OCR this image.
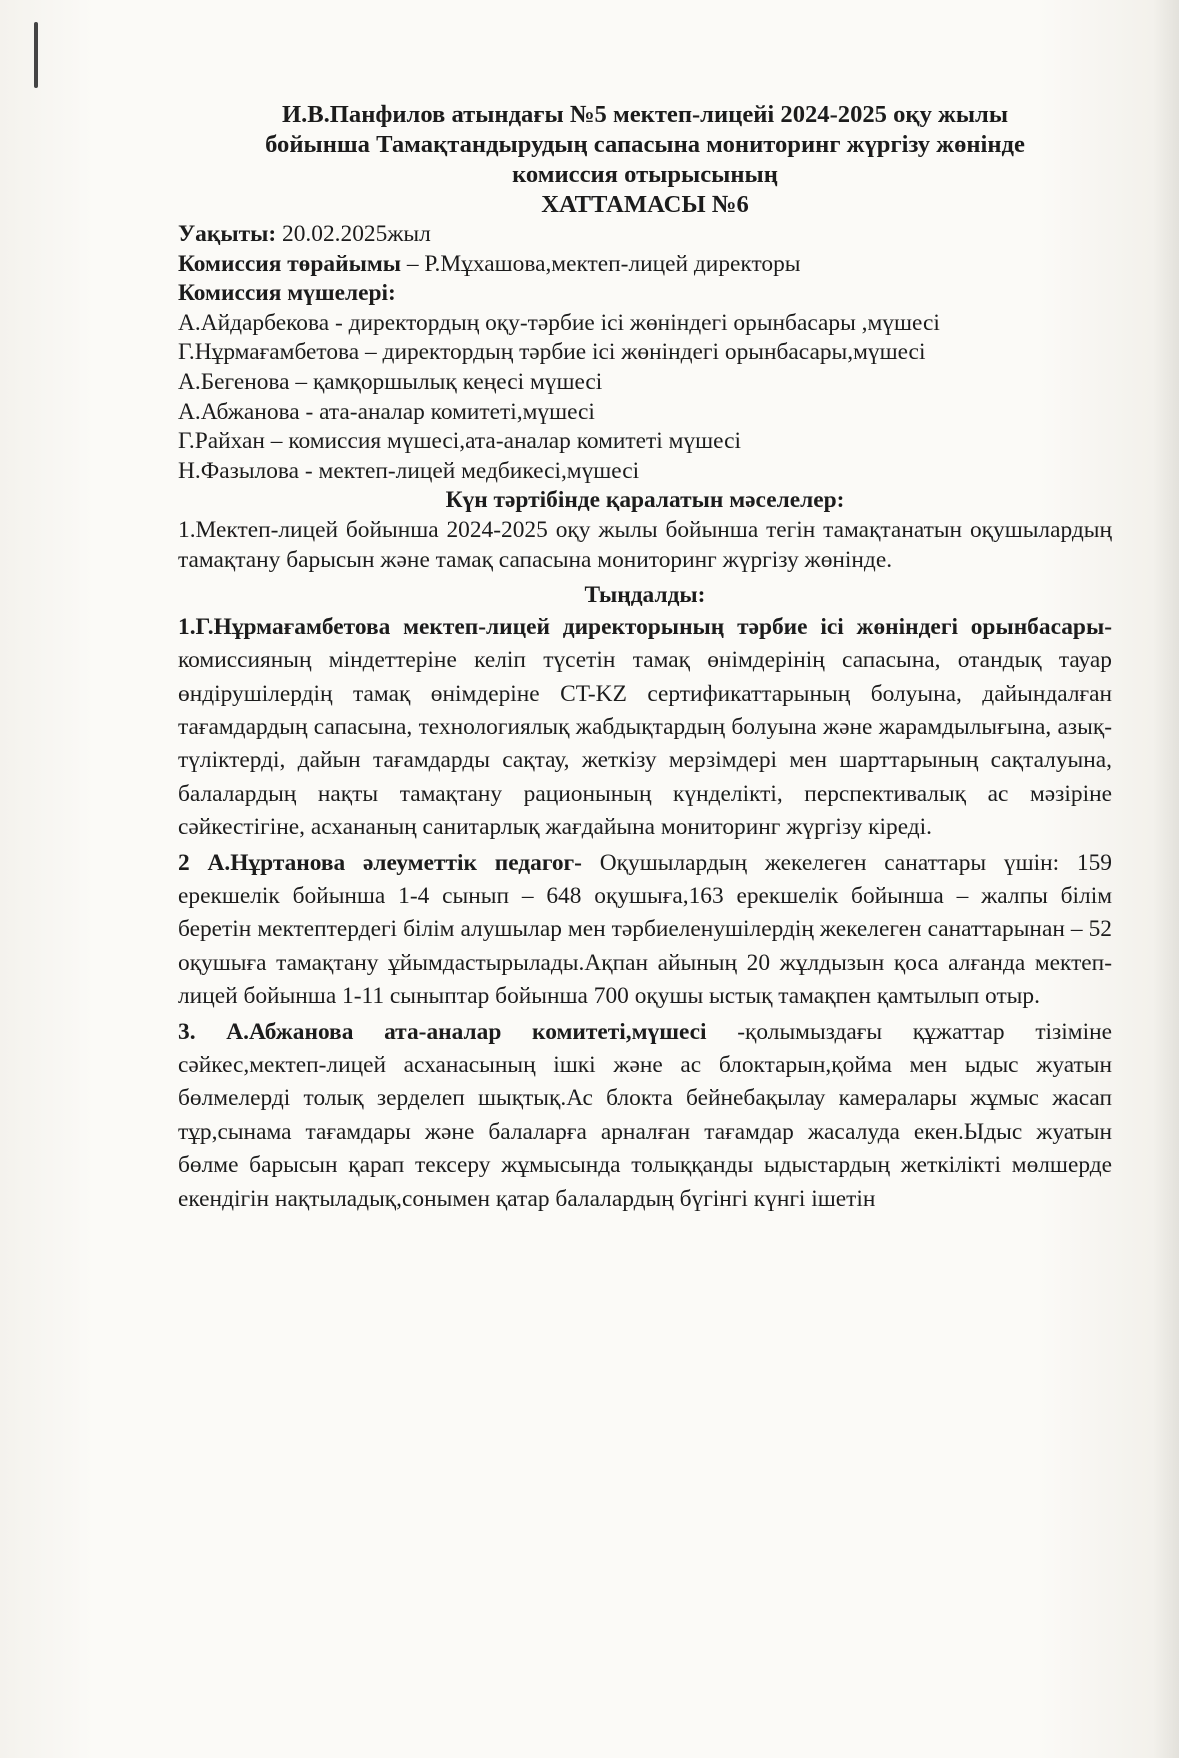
И.В.Панфилов атындағы №5 мектеп-лицейі 2024-2025 оқу жылы
бойынша Тамақтандырудың сапасына мониторинг жүргізу жөнінде
комиссия отырысының
ХАТТАМАСЫ №6

Уақыты: 20.02.2025жыл

Комиссия төрайымы – Р.Мұхашова,мектеп-лицей директоры

Комиссия мүшелері:

А.Айдарбекова - директордың оқу-тәрбие ісі жөніндегі орынбасары ,мүшесі

Г.Нұрмағамбетова – директордың тәрбие ісі жөніндегі орынбасары,мүшесі

А.Бегенова – қамқоршылық кеңесі мүшесі

А.Абжанова - ата-аналар комитеті,мүшесі

Г.Райхан – комиссия мүшесі,ата-аналар комитеті мүшесі

Н.Фазылова - мектеп-лицей медбикесі,мүшесі

Күн тәртібінде қаралатын мәселелер:

1.Мектеп-лицей бойынша 2024-2025 оқу жылы бойынша тегін тамақтанатын оқушылардың тамақтану барысын және тамақ сапасына мониторинг жүргізу жөнінде.

Тыңдалды:

1.Г.Нұрмағамбетова мектеп-лицей директорының тәрбие ісі жөніндегі орынбасары- комиссияның міндеттеріне келіп түсетін тамақ өнімдерінің сапасына, отандық тауар өндірушілердің тамақ өнімдеріне CT-KZ сертификаттарының болуына, дайындалған тағамдардың сапасына, технологиялық жабдықтардың болуына және жарамдылығына, азық-түліктерді, дайын тағамдарды сақтау, жеткізу мерзімдері мен шарттарының сақталуына, балалардың нақты тамақтану рационының күнделікті, перспективалық ас мәзіріне сәйкестігіне, асхананың санитарлық жағдайына мониторинг жүргізу кіреді.

2 А.Нұртанова әлеуметтік педагог- Оқушылардың жекелеген санаттары үшін: 159 ерекшелік бойынша 1-4 сынып – 648 оқушыға,163 ерекшелік бойынша – жалпы білім беретін мектептердегі білім алушылар мен тәрбиеленушілердің жекелеген санаттарынан – 52 оқушыға тамақтану ұйымдастырылады.Ақпан айының 20 жұлдызын қоса алғанда мектеп-лицей бойынша 1-11 сыныптар бойынша 700 оқушы ыстық тамақпен қамтылып отыр.

3. А.Абжанова ата-аналар комитеті,мүшесі -қолымыздағы құжаттар тізіміне сәйкес,мектеп-лицей асханасының ішкі және ас блоктарын,қойма мен ыдыс жуатын бөлмелерді толық зерделеп шықтық.Ас блокта бейнебақылау камералары жұмыс жасап тұр,сынама тағамдары және балаларға арналған тағамдар жасалуда екен.Ыдыс жуатын бөлме барысын қарап тексеру жұмысында толыққанды ыдыстардың жеткілікті мөлшерде екендігін нақтыладық,сонымен қатар балалардың бүгінгі күнгі ішетін
